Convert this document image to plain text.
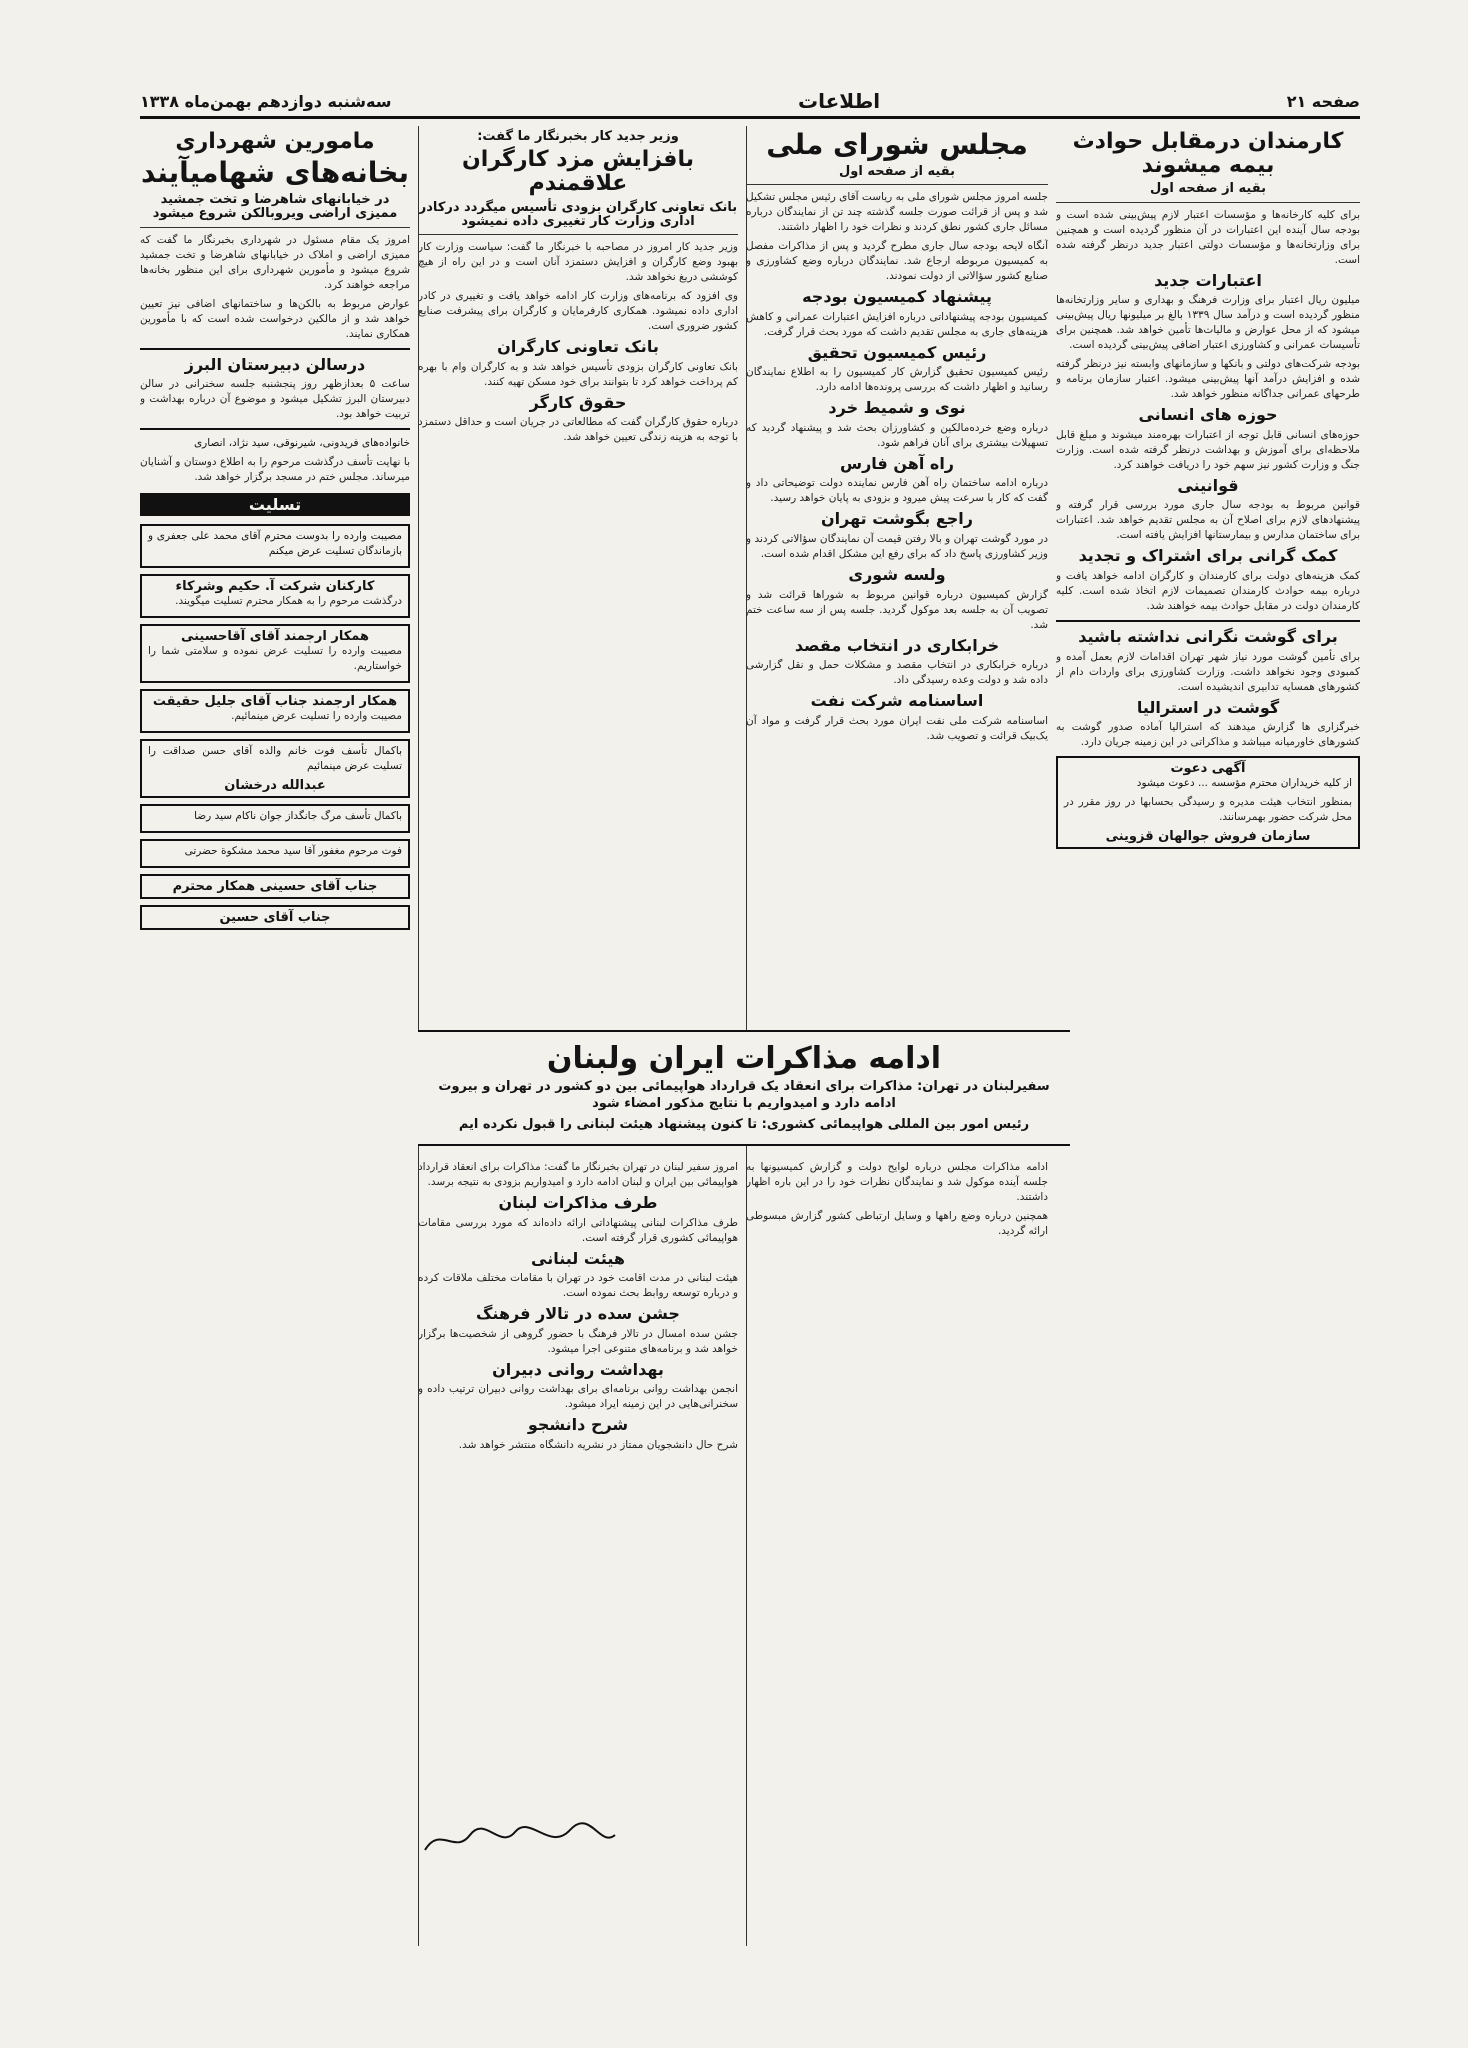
صفحه ۲۱
اطلاعات
سه‌شنبه دوازدهم بهمن‌ماه ۱۳۳۸
کارمندان درمقابل حوادث بیمه میشوند
بقیه از صفحه اول
برای کلیه کارخانه‌ها و مؤسسات اعتبار لازم پیش‌بینی شده است و بودجه سال آینده این اعتبارات در آن منظور گردیده است و همچنین برای وزارتخانه‌ها و مؤسسات دولتی اعتبار جدید درنظر گرفته شده است.
اعتبارات جدید
میلیون ریال اعتبار برای وزارت فرهنگ و بهداری و سایر وزارتخانه‌ها منظور گردیده است و درآمد سال ۱۳۳۹ بالغ بر میلیونها ریال پیش‌بینی میشود که از محل عوارض و مالیات‌ها تأمین خواهد شد. همچنین برای تأسیسات عمرانی و کشاورزی اعتبار اضافی پیش‌بینی گردیده است.
بودجه شرکت‌های دولتی و بانکها و سازمانهای وابسته نیز درنظر گرفته شده و افزایش درآمد آنها پیش‌بینی میشود. اعتبار سازمان برنامه و طرحهای عمرانی جداگانه منظور خواهد شد.
حوزه های انسانی
حوزه‌های انسانی قابل توجه از اعتبارات بهره‌مند میشوند و مبلغ قابل ملاحظه‌ای برای آموزش و بهداشت درنظر گرفته شده است. وزارت جنگ و وزارت کشور نیز سهم خود را دریافت خواهند کرد.
قوانینی
قوانین مربوط به بودجه سال جاری مورد بررسی قرار گرفته و پیشنهادهای لازم برای اصلاح آن به مجلس تقدیم خواهد شد. اعتبارات برای ساختمان مدارس و بیمارستانها افزایش یافته است.
کمک گرانی برای اشتراک و تجدید
کمک هزینه‌های دولت برای کارمندان و کارگران ادامه خواهد یافت و درباره بیمه حوادث کارمندان تصمیمات لازم اتخاذ شده است. کلیه کارمندان دولت در مقابل حوادث بیمه خواهند شد.
برای گوشت نگرانی نداشته باشید
برای تأمین گوشت مورد نیاز شهر تهران اقدامات لازم بعمل آمده و کمبودی وجود نخواهد داشت. وزارت کشاورزی برای واردات دام از کشورهای همسایه تدابیری اندیشیده است.
گوشت در استرالیا
خبرگزاری ها گزارش میدهند که استرالیا آماده صدور گوشت به کشورهای خاورمیانه میباشد و مذاکراتی در این زمینه جریان دارد.
آگهی دعوت
از کلیه خریداران محترم مؤسسه ... دعوت میشود
بمنظور انتخاب هیئت مدیره و رسیدگی بحسابها در روز مقرر در محل شرکت حضور بهمرسانند.
سازمان فروش جوالهان قزوینی
مجلس شورای ملی
بقیه از صفحه اول
جلسه امروز مجلس شورای ملی به ریاست آقای رئیس مجلس تشکیل شد و پس از قرائت صورت جلسه گذشته چند تن از نمایندگان درباره مسائل جاری کشور نطق کردند و نظرات خود را اظهار داشتند.
آنگاه لایحه بودجه سال جاری مطرح گردید و پس از مذاکرات مفصل به کمیسیون مربوطه ارجاع شد. نمایندگان درباره وضع کشاورزی و صنایع کشور سؤالاتی از دولت نمودند.
پیشنهاد کمیسیون بودجه
کمیسیون بودجه پیشنهاداتی درباره افزایش اعتبارات عمرانی و کاهش هزینه‌های جاری به مجلس تقدیم داشت که مورد بحث قرار گرفت.
رئیس کمیسیون تحقیق
رئیس کمیسیون تحقیق گزارش کار کمیسیون را به اطلاع نمایندگان رسانید و اظهار داشت که بررسی پرونده‌ها ادامه دارد.
نوی و شمیط خرد
درباره وضع خرده‌مالکین و کشاورزان بحث شد و پیشنهاد گردید که تسهیلات بیشتری برای آنان فراهم شود.
راه آهن فارس
درباره ادامه ساختمان راه آهن فارس نماینده دولت توضیحاتی داد و گفت که کار با سرعت پیش میرود و بزودی به پایان خواهد رسید.
راجع بگوشت تهران
در مورد گوشت تهران و بالا رفتن قیمت آن نمایندگان سؤالاتی کردند و وزیر کشاورزی پاسخ داد که برای رفع این مشکل اقدام شده است.
ولسه شوری
گزارش کمیسیون درباره قوانین مربوط به شوراها قرائت شد و تصویب آن به جلسه بعد موکول گردید. جلسه پس از سه ساعت ختم شد.
خرابکاری در انتخاب مقصد
درباره خرابکاری در انتخاب مقصد و مشکلات حمل و نقل گزارشی داده شد و دولت وعده رسیدگی داد.
اساسنامه شرکت نفت
اساسنامه شرکت ملی نفت ایران مورد بحث قرار گرفت و مواد آن یک‌بیک قرائت و تصویب شد.
وزیر جدید کار بخبرنگار ما گفت:
بافزایش مزد کارگران علاقمندم
بانک تعاونی کارگران بزودی تأسیس میگردد درکادر اداری وزارت کار تغییری داده نمیشود
وزیر جدید کار امروز در مصاحبه با خبرنگار ما گفت: سیاست وزارت کار بهبود وضع کارگران و افزایش دستمزد آنان است و در این راه از هیچ کوششی دریغ نخواهد شد.
وی افزود که برنامه‌های وزارت کار ادامه خواهد یافت و تغییری در کادر اداری داده نمیشود. همکاری کارفرمایان و کارگران برای پیشرفت صنایع کشور ضروری است.
بانک تعاونی کارگران
بانک تعاونی کارگران بزودی تأسیس خواهد شد و به کارگران وام با بهره کم پرداخت خواهد کرد تا بتوانند برای خود مسکن تهیه کنند.
حقوق کارگر
درباره حقوق کارگران گفت که مطالعاتی در جریان است و حداقل دستمزد با توجه به هزینه زندگی تعیین خواهد شد.
ادامه مذاکرات ایران ولبنان
سفیرلبنان در تهران: مذاکرات برای انعقاد یک قرارداد هواپیمائی بین دو کشور در تهران و بیروت ادامه دارد و امیدواریم با نتایج مذکور امضاء شود
رئیس امور بین المللی هواپیمائی کشوری: تا کنون پیشنهاد هیئت لبنانی را قبول نکرده ایم
امروز سفیر لبنان در تهران بخبرنگار ما گفت: مذاکرات برای انعقاد قرارداد هواپیمائی بین ایران و لبنان ادامه دارد و امیدواریم بزودی به نتیجه برسد.
طرف مذاکرات لبنان
طرف مذاکرات لبنانی پیشنهاداتی ارائه داده‌اند که مورد بررسی مقامات هواپیمائی کشوری قرار گرفته است.
هیئت لبنانی
هیئت لبنانی در مدت اقامت خود در تهران با مقامات مختلف ملاقات کرده و درباره توسعه روابط بحث نموده است.
جشن سده در تالار فرهنگ
جشن سده امسال در تالار فرهنگ با حضور گروهی از شخصیت‌ها برگزار خواهد شد و برنامه‌های متنوعی اجرا میشود.
بهداشت روانی دبیران
انجمن بهداشت روانی برنامه‌ای برای بهداشت روانی دبیران ترتیب داده و سخنرانی‌هایی در این زمینه ایراد میشود.
شرح دانشجو
شرح حال دانشجویان ممتاز در نشریه دانشگاه منتشر خواهد شد.
ادامه مذاکرات مجلس درباره لوایح دولت و گزارش کمیسیونها به جلسه آینده موکول شد و نمایندگان نظرات خود را در این باره اظهار داشتند.
همچنین درباره وضع راهها و وسایل ارتباطی کشور گزارش مبسوطی ارائه گردید.
مامورین شهرداری
بخانه‌های شهامیآیند
در خیابانهای شاهرضا و تخت جمشید ممیزی اراضی ویروبالکن شروع میشود
امروز یک مقام مسئول در شهرداری بخبرنگار ما گفت که ممیزی اراضی و املاک در خیابانهای شاهرضا و تخت جمشید شروع میشود و مأمورین شهرداری برای این منظور بخانه‌ها مراجعه خواهند کرد.
عوارض مربوط به بالکن‌ها و ساختمانهای اضافی نیز تعیین خواهد شد و از مالکین درخواست شده است که با مأمورین همکاری نمایند.
درسالن دبیرستان البرز
ساعت ۵ بعدازظهر روز پنجشنبه جلسه سخنرانی در سالن دبیرستان البرز تشکیل میشود و موضوع آن درباره بهداشت و تربیت خواهد بود.
خانواده‌های فریدونی، شیرنوقی، سید نژاد، انصاری
با نهایت تأسف درگذشت مرحوم را به اطلاع دوستان و آشنایان میرساند. مجلس ختم در مسجد برگزار خواهد شد.
تسلیت
مصیبت وارده را بدوست محترم آقای محمد علی جعفری و بازماندگان تسلیت عرض میکنم
کارکنان شرکت آ. حکیم وشرکاء
درگذشت مرحوم را به همکار محترم تسلیت میگویند.
همکار ارجمند آقای آقاحسینی
مصیبت وارده را تسلیت عرض نموده و سلامتی شما را خواستاریم.
همکار ارجمند جناب آقای جلیل حقیقت
مصیبت وارده را تسلیت عرض مینمائیم.
باکمال تأسف فوت خانم والده آقای حسن صداقت را تسلیت عرض مینمائیم
عبدالله درخشان
باکمال تأسف مرگ جانگداز جوان ناکام سید رضا
فوت مرحوم مغفور آقا سید محمد مشکوة حضرتی
جناب آقای حسینی همکار محترم
جناب آقای حسین
